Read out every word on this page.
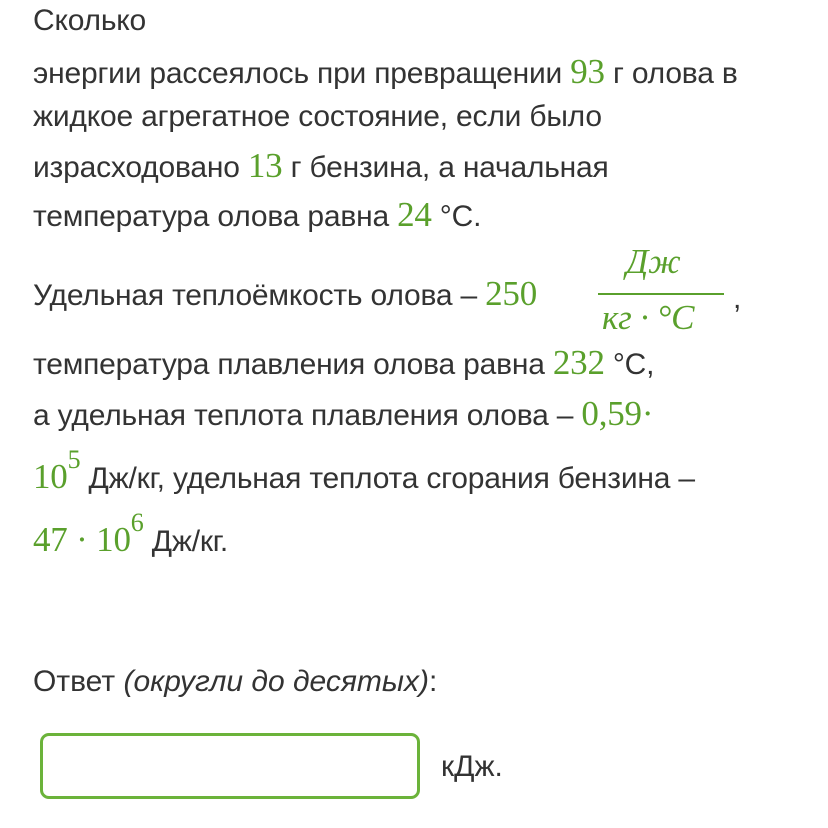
Сколько
энергии рассеялось при превращении 93 г олова в
жидкое агрегатное состояние, если было
израсходовано 13 г бензина, а начальная
температура олова равна 24 °С.
Удельная теплоёмкость олова – 250
Дж
кг · °C ,
температура плавления олова равна 232 °С,
а удельная теплота плавления олова – 0,59·
105 Дж/кг, удельная теплота сгорания бензина –
47 · 106 Дж/кг.
Ответ (округли до десятых):
кДж.
